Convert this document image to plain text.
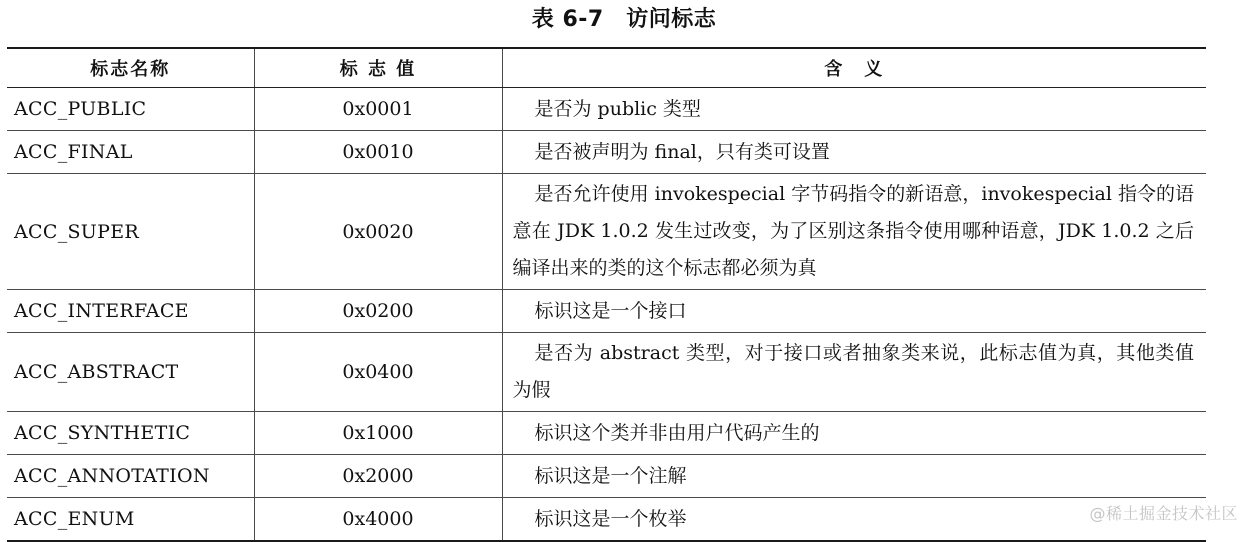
表 6-7　访问标志
标志名称	标 志 值	含　义
ACC_PUBLIC	0x0001	是否为 public 类型

ACC_FINAL	0x0010	是否被声明为 final，只有类可设置

ACC_SUPER	0x0020	是否允许使用 invokespecial 字节码指令的新语意，invokespecial 指令的语意在 JDK 1.0.2 发生过改变，为了区别这条指令使用哪种语意，JDK 1.0.2 之后编译出来的类的这个标志都必须为真

ACC_INTERFACE	0x0200	标识这是一个接口

ACC_ABSTRACT	0x0400	是否为 abstract 类型，对于接口或者抽象类来说，此标志值为真，其他类值为假

ACC_SYNTHETIC	0x1000	标识这个类并非由用户代码产生的

ACC_ANNOTATION	0x2000	标识这是一个注解

ACC_ENUM	0x4000	标识这是一个枚举	@稀土掘金技术社区
